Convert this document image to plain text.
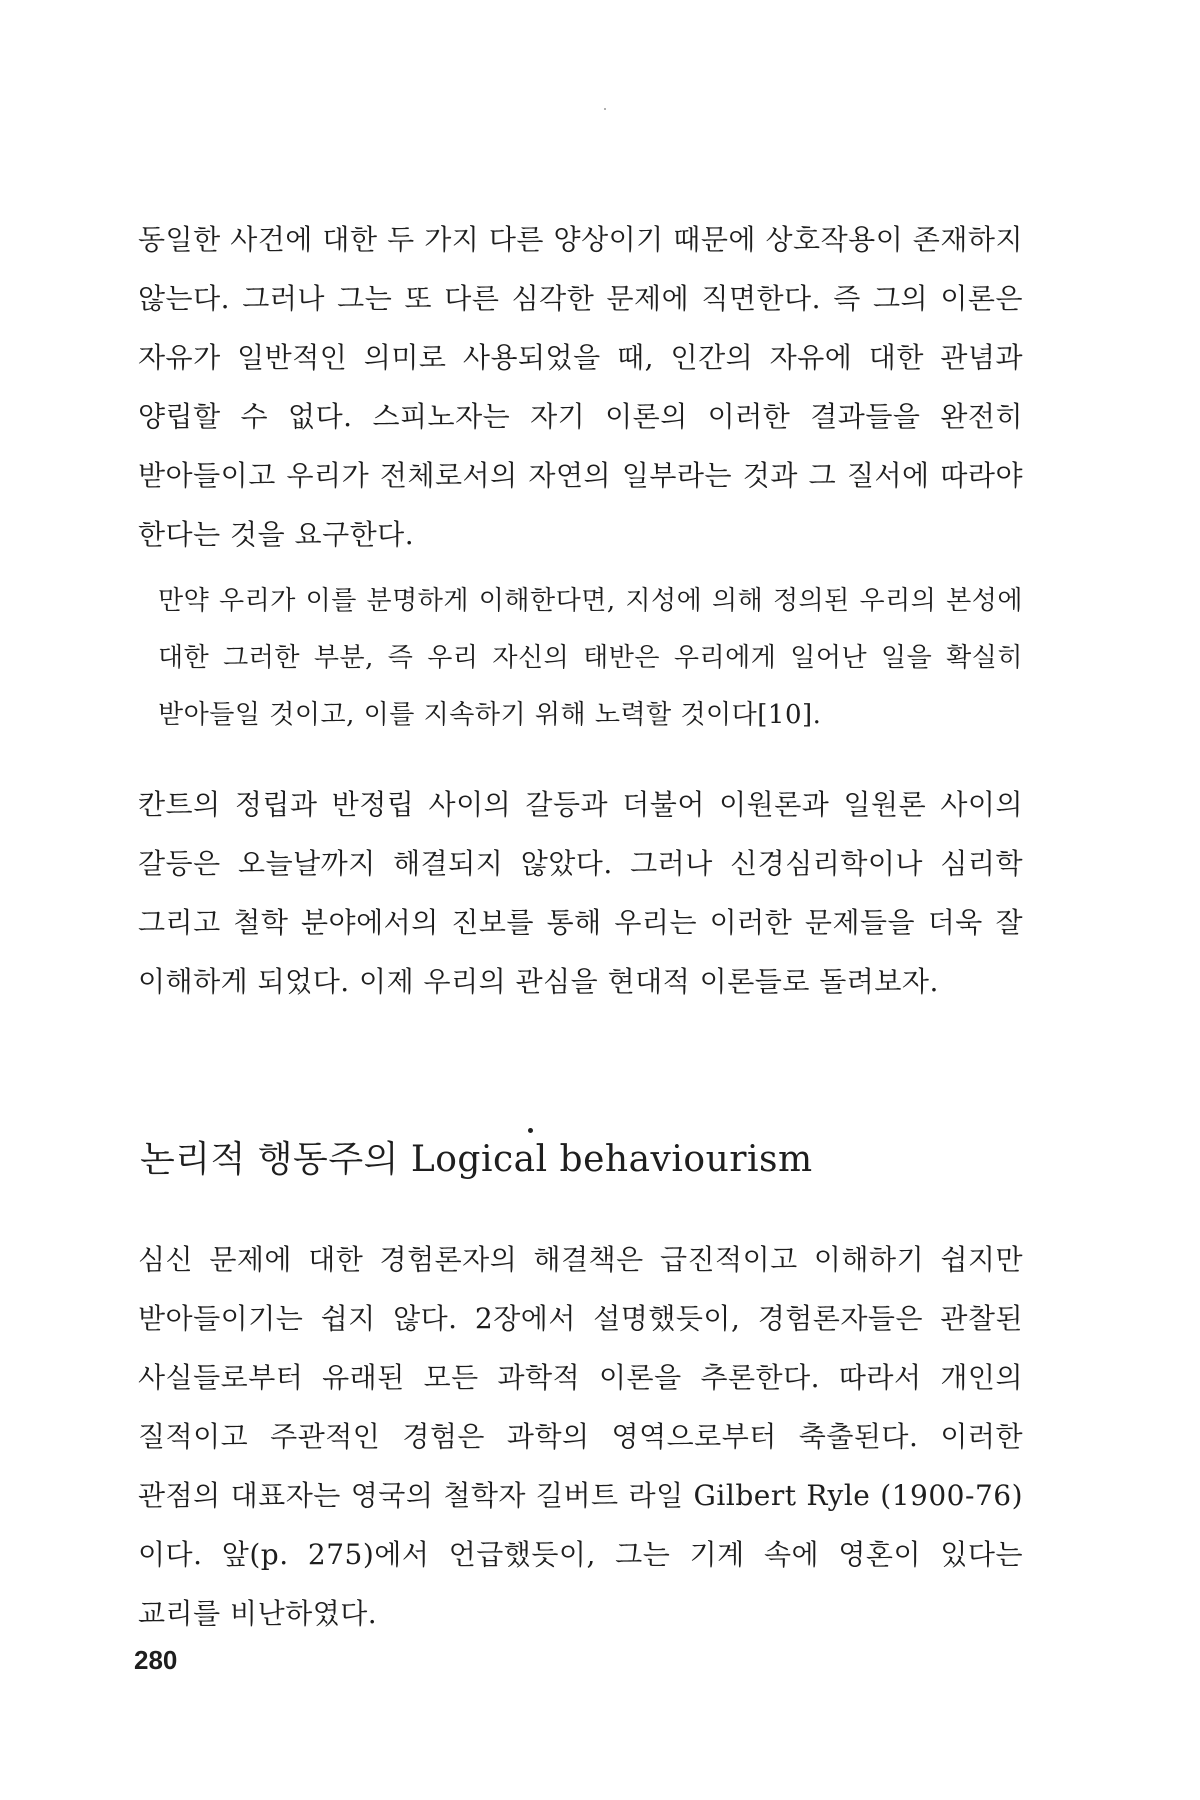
동일한 사건에 대한 두 가지 다른 양상이기 때문에 상호작용이 존재하지 않는다. 그러나 그는 또 다른 심각한 문제에 직면한다. 즉 그의 이론은 자유가 일반적인 의미로 사용되었을 때, 인간의 자유에 대한 관념과 양립할 수 없다. 스피노자는 자기 이론의 이러한 결과들을 완전히 받아들이고 우리가 전체로서의 자연의 일부라는 것과 그 질서에 따라야 한다는 것을 요구한다.

만약 우리가 이를 분명하게 이해한다면, 지성에 의해 정의된 우리의 본성에 대한 그러한 부분, 즉 우리 자신의 태반은 우리에게 일어난 일을 확실히 받아들일 것이고, 이를 지속하기 위해 노력할 것이다[10].

칸트의 정립과 반정립 사이의 갈등과 더불어 이원론과 일원론 사이의 갈등은 오늘날까지 해결되지 않았다. 그러나 신경심리학이나 심리학 그리고 철학 분야에서의 진보를 통해 우리는 이러한 문제들을 더욱 잘 이해하게 되었다. 이제 우리의 관심을 현대적 이론들로 돌려보자.

논리적 행동주의 Logical behaviourism

심신 문제에 대한 경험론자의 해결책은 급진적이고 이해하기 쉽지만 받아들이기는 쉽지 않다. 2장에서 설명했듯이, 경험론자들은 관찰된 사실들로부터 유래된 모든 과학적 이론을 추론한다. 따라서 개인의 질적이고 주관적인 경험은 과학의 영역으로부터 축출된다. 이러한 관점의 대표자는 영국의 철학자 길버트 라일 Gilbert Ryle (1900-76)이다. 앞(p. 275)에서 언급했듯이, 그는 기계 속에 영혼이 있다는 교리를 비난하였다.

280
